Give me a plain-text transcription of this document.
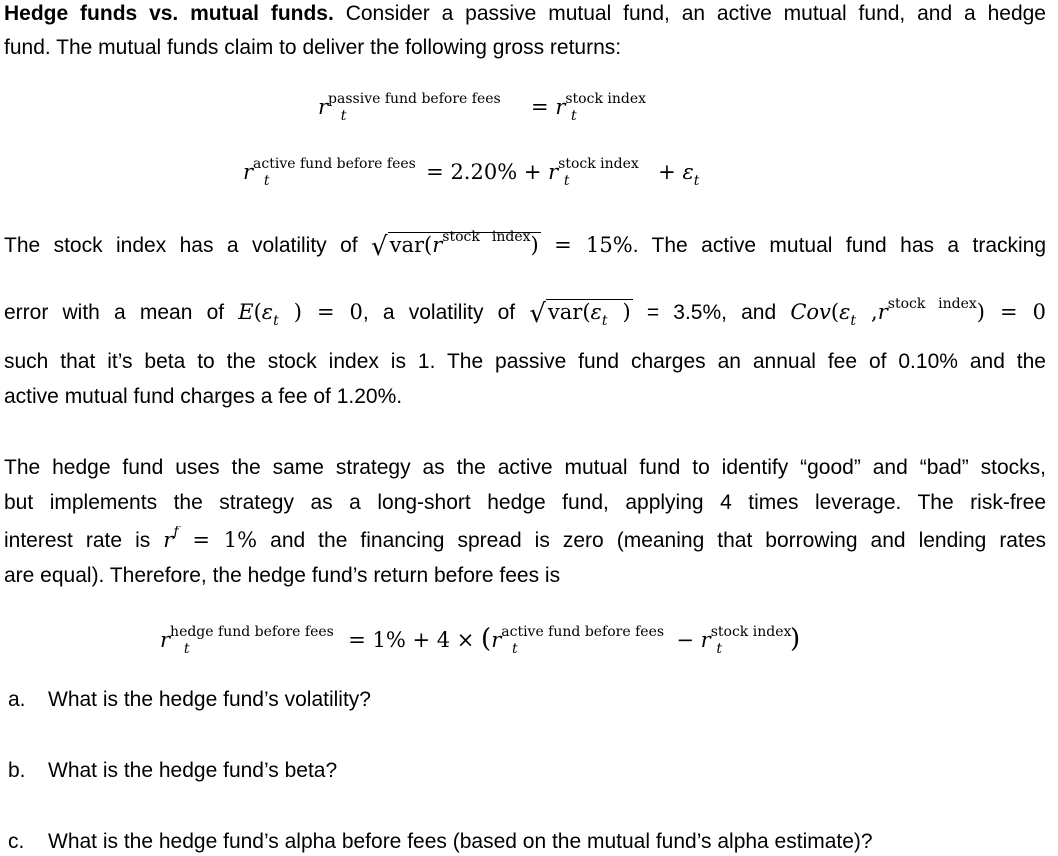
Hedge funds vs. mutual funds. Consider a passive mutual fund, an active mutual fund, and a hedge
fund. The mutual funds claim to deliver the following gross returns:
$r^{passive fund before fees}_t$	= $r^{stock index}_t$
$r^{active fund before fees}_t$	= $2.20\% + r^{stock index}_t$	+ $\varepsilon_t$
The stock index has a volatility of $√var(r^{stock index}) = 15\%$. The active mutual fund has a tracking
error with a mean of $E(\varepsilon_t$ ) = 0, a volatility of $√var(\varepsilon_t$ ) = 3.5%, and $Cov(\varepsilon_t$ $,r^{stock index}) = 0$
such that it’s beta to the stock index is 1. The passive fund charges an annual fee of 0.10% and the
active mutual fund charges a fee of 1.20%.
The hedge fund uses the same strategy as the active mutual fund to identify “good” and “bad” stocks,
but implements the strategy as a long-short hedge fund, applying 4 times leverage. The risk-free
interest rate is $r^f = 1\%$ and the financing spread is zero (meaning that borrowing and lending rates
are equal). Therefore, the hedge fund’s return before fees is
$r^{hedge fund before fees}_t$	= $1\% + 4 \times (r^{active fund before fees}_t$	− $r^{stock index}_t$	)
a. What is the hedge fund’s volatility?
b. What is the hedge fund’s beta?
c. What is the hedge fund’s alpha before fees (based on the mutual fund’s alpha estimate)?
